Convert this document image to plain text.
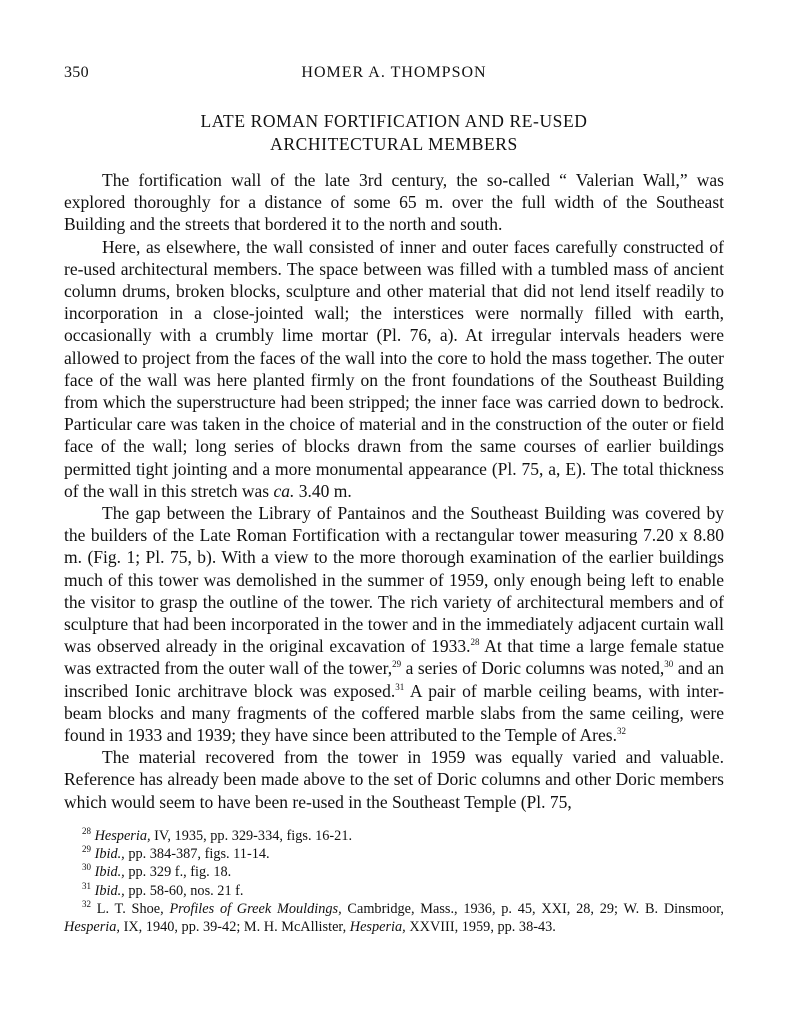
350	HOMER A. THOMPSON
LATE ROMAN FORTIFICATION AND RE-USED
ARCHITECTURAL MEMBERS

The fortification wall of the late 3rd century, the so-called “ Valerian Wall,” was explored thoroughly for a distance of some 65 m. over the full width of the Southeast Building and the streets that bordered it to the north and south.

Here, as elsewhere, the wall consisted of inner and outer faces carefully constructed of re-used architectural members. The space between was filled with a tumbled mass of ancient column drums, broken blocks, sculpture and other material that did not lend itself readily to incorporation in a close-jointed wall; the interstices were normally filled with earth, occasionally with a crumbly lime mortar (Pl. 76, a). At irregular intervals headers were allowed to project from the faces of the wall into the core to hold the mass together. The outer face of the wall was here planted firmly on the front foundations of the Southeast Building from which the superstructure had been stripped; the inner face was carried down to bedrock. Particular care was taken in the choice of material and in the construction of the outer or field face of the wall; long series of blocks drawn from the same courses of earlier buildings permitted tight jointing and a more monumental appearance (Pl. 75, a, E). The total thickness of the wall in this stretch was ca. 3.40 m.

The gap between the Library of Pantainos and the Southeast Building was covered by the builders of the Late Roman Fortification with a rectangular tower measuring 7.20 x 8.80 m. (Fig. 1; Pl. 75, b). With a view to the more thorough examination of the earlier buildings much of this tower was demolished in the summer of 1959, only enough being left to enable the visitor to grasp the outline of the tower. The rich variety of architectural members and of sculpture that had been incorporated in the tower and in the immediately adjacent curtain wall was observed already in the original excavation of 1933.28 At that time a large female statue was extracted from the outer wall of the tower,$^{29}$ a series of Doric columns was noted,$^{30}$ and an inscribed Ionic architrave block was exposed.$^{31}$ A pair of marble ceiling beams, with inter-beam blocks and many fragments of the coffered marble slabs from the same ceiling, were found in 1933 and 1939; they have since been attributed to the Temple of Ares.$^{32}$

The material recovered from the tower in 1959 was equally varied and valuable. Reference has already been made above to the set of Doric columns and other Doric members which would seem to have been re-used in the Southeast Temple (Pl. 75,

$^{28}$ Hesperia, IV, 1935, pp. 329-334, figs. 16-21.
$^{29}$ Ibid., pp. 384-387, figs. 11-14.
$^{30}$ Ibid., pp. 329 f., fig. 18.
$^{31}$ Ibid., pp. 58-60, nos. 21 f.
$^{32}$ L. T. Shoe, Profiles of Greek Mouldings, Cambridge, Mass., 1936, p. 45, XXI, 28, 29; W. B. Dinsmoor, Hesperia, IX, 1940, pp. 39-42; M. H. McAllister, Hesperia, XXVIII, 1959, pp. 38-43.
